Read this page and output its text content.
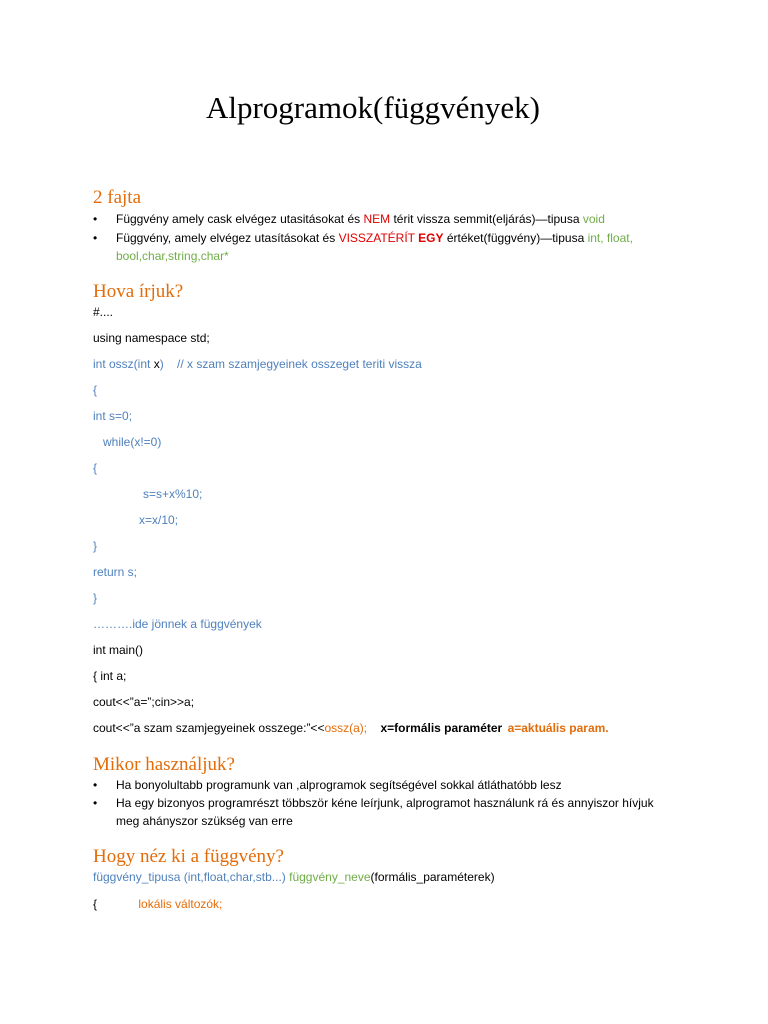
Alprogramok(függvények)
2 fajta
•	Függvény amely cask elvégez utasitásokat és NEM térit vissza semmit(eljárás)—tipusa void
•	Függvény, amely elvégez utasításokat és VISSZATÉRÍT EGY értéket(függvény)—tipusa int, float,
bool,char,string,char*
Hova írjuk?
#....
using namespace std;
int ossz(int x) // x szam szamjegyeinek osszeget teriti vissza
{
int s=0;
while(x!=0)
{
s=s+x%10;
x=x/10;
}
return s;
}
……….ide jönnek a függvények
int main()
{ int a;
cout<<”a=”;cin>>a;
cout<<”a szam szamjegyeinek osszege:”<<ossz(a); x=formális paraméter a=aktuális param.
Mikor használjuk?
•	Ha bonyolultabb programunk van ,alprogramok segítségével sokkal átláthatóbb lesz
•	Ha egy bizonyos programrészt többször kéne leírjunk, alprogramot használunk rá és annyiszor hívjuk meg ahányszor szükség van erre
Hogy néz ki a függvény?
függvény_tipusa (int,float,char,stb...) függvény_neve(formális_paraméterek)
{	lokális változók;
